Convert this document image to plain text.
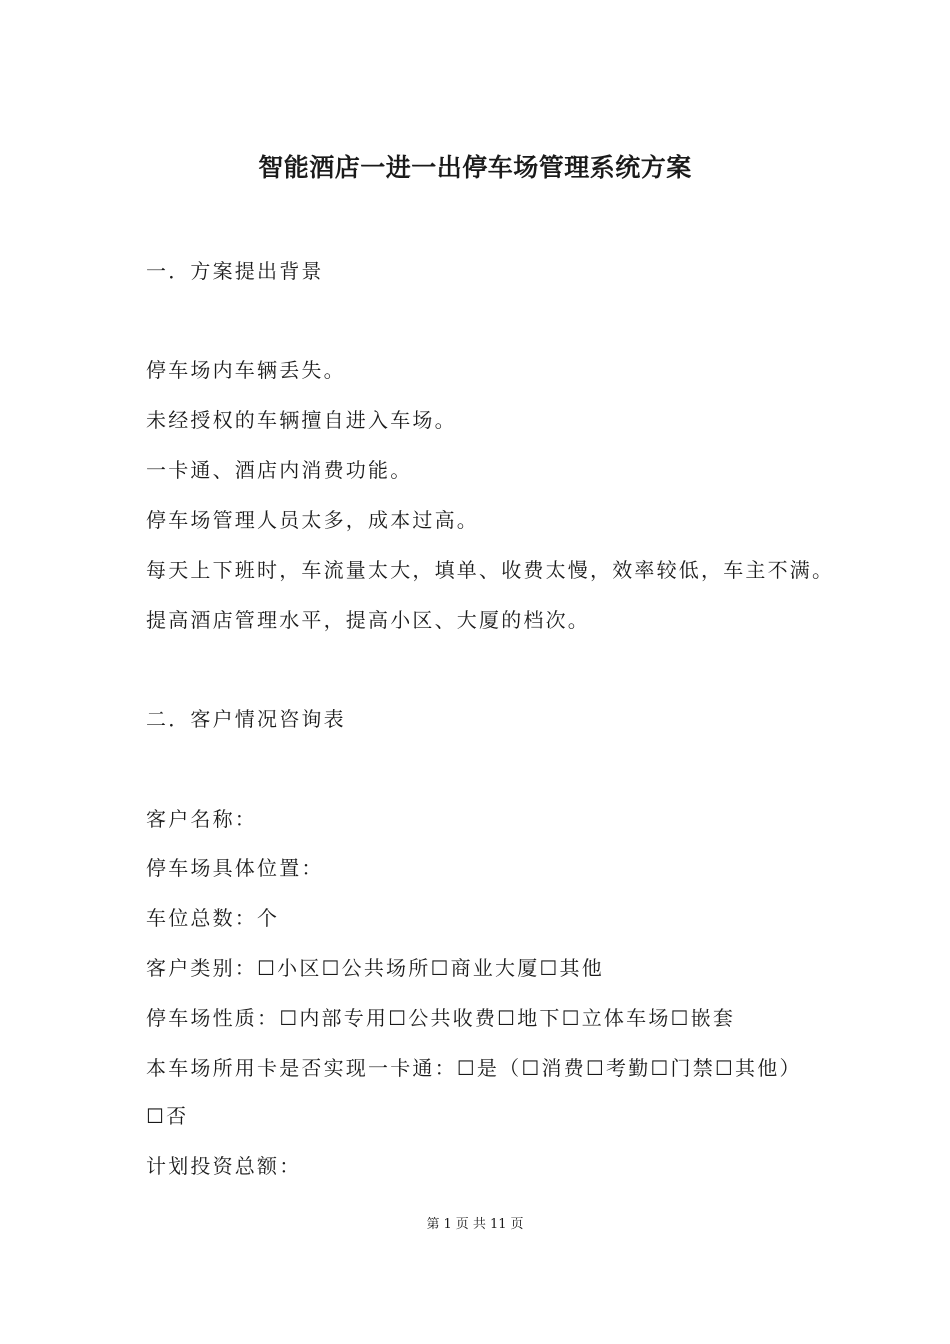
智能酒店一进一出停车场管理系统方案
一．方案提出背景
停车场内车辆丢失。
未经授权的车辆擅自进入车场。
一卡通、酒店内消费功能。
停车场管理人员太多，成本过高。
每天上下班时，车流量太大，填单、收费太慢，效率较低，车主不满。
提高酒店管理水平，提高小区、大厦的档次。
二．客户情况咨询表
客户名称：
停车场具体位置：
车位总数：个
客户类别：☐小区☐公共场所☐商业大厦☐其他
停车场性质：☐内部专用☐公共收费☐地下☐立体车场☐嵌套
本车场所用卡是否实现一卡通：☐是（☐消费☐考勤☐门禁☐其他）
☐否
计划投资总额：
第 1 页 共 11 页
